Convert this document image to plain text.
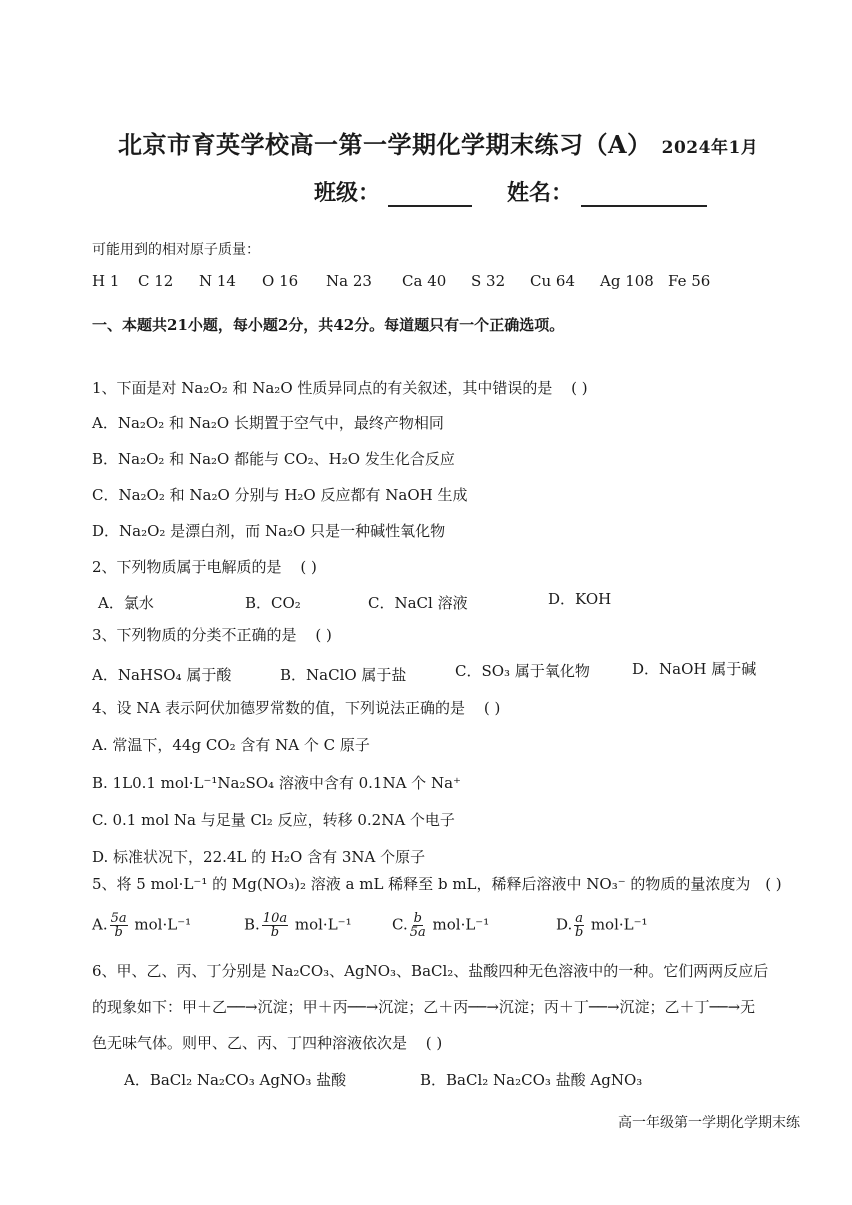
北京市育英学校高一第一学期化学期末练习（A） 2024年1月
班级：	姓名：
可能用到的相对原子质量：
H 1 C 12 N 14 O 16 Na 23 Ca 40 S 32 Cu 64 Ag 108 Fe 56
一、本题共21小题，每小题2分，共42分。每道题只有一个正确选项。
1、下面是对 Na₂O₂ 和 Na₂O 性质异同点的有关叙述，其中错误的是 ( )
A．Na₂O₂ 和 Na₂O 长期置于空气中，最终产物相同
B．Na₂O₂ 和 Na₂O 都能与 CO₂、H₂O 发生化合反应
C．Na₂O₂ 和 Na₂O 分别与 H₂O 反应都有 NaOH 生成
D．Na₂O₂ 是漂白剂，而 Na₂O 只是一种碱性氧化物
2、下列物质属于电解质的是 ( )
A．氯水	B．CO₂	C．NaCl 溶液	D．KOH
3、下列物质的分类不正确的是 ( )
A．NaHSO₄ 属于酸	B．NaClO 属于盐	C．SO₃ 属于氧化物	D．NaOH 属于碱
4、设 NA 表示阿伏加德罗常数的值，下列说法正确的是 ( )
A. 常温下，44g CO₂ 含有 NA 个 C 原子
B. 1L0.1 mol·L⁻¹Na₂SO₄ 溶液中含有 0.1NA 个 Na⁺
C. 0.1 mol Na 与足量 Cl₂ 反应，转移 0.2NA 个电子
D. 标准状况下，22.4L 的 H₂O 含有 3NA 个原子
5、将 5 mol·L⁻¹ 的 Mg(NO₃)₂ 溶液 a mL 稀释至 b mL，稀释后溶液中 NO₃⁻ 的物质的量浓度为 ( )
A. $\frac{5a}{b} mol\cdot L^{-1}$	B. $\frac{10a}{b} mol\cdot L^{-1}$	C. $\frac{b}{5a} mol\cdot L^{-1}$	D. $\frac{a}{b} mol\cdot L^{-1}$
6、甲、乙、丙、丁分别是 Na₂CO₃、AgNO₃、BaCl₂、盐酸四种无色溶液中的一种。它们两两反应后
的现象如下：甲＋乙──→沉淀；甲＋丙──→沉淀；乙＋丙──→沉淀；丙＋丁──→沉淀；乙＋丁──→无
色无味气体。则甲、乙、丙、丁四种溶液依次是 ( )
A．BaCl₂ Na₂CO₃ AgNO₃ 盐酸	B．BaCl₂ Na₂CO₃ 盐酸 AgNO₃
高一年级第一学期化学期末练
